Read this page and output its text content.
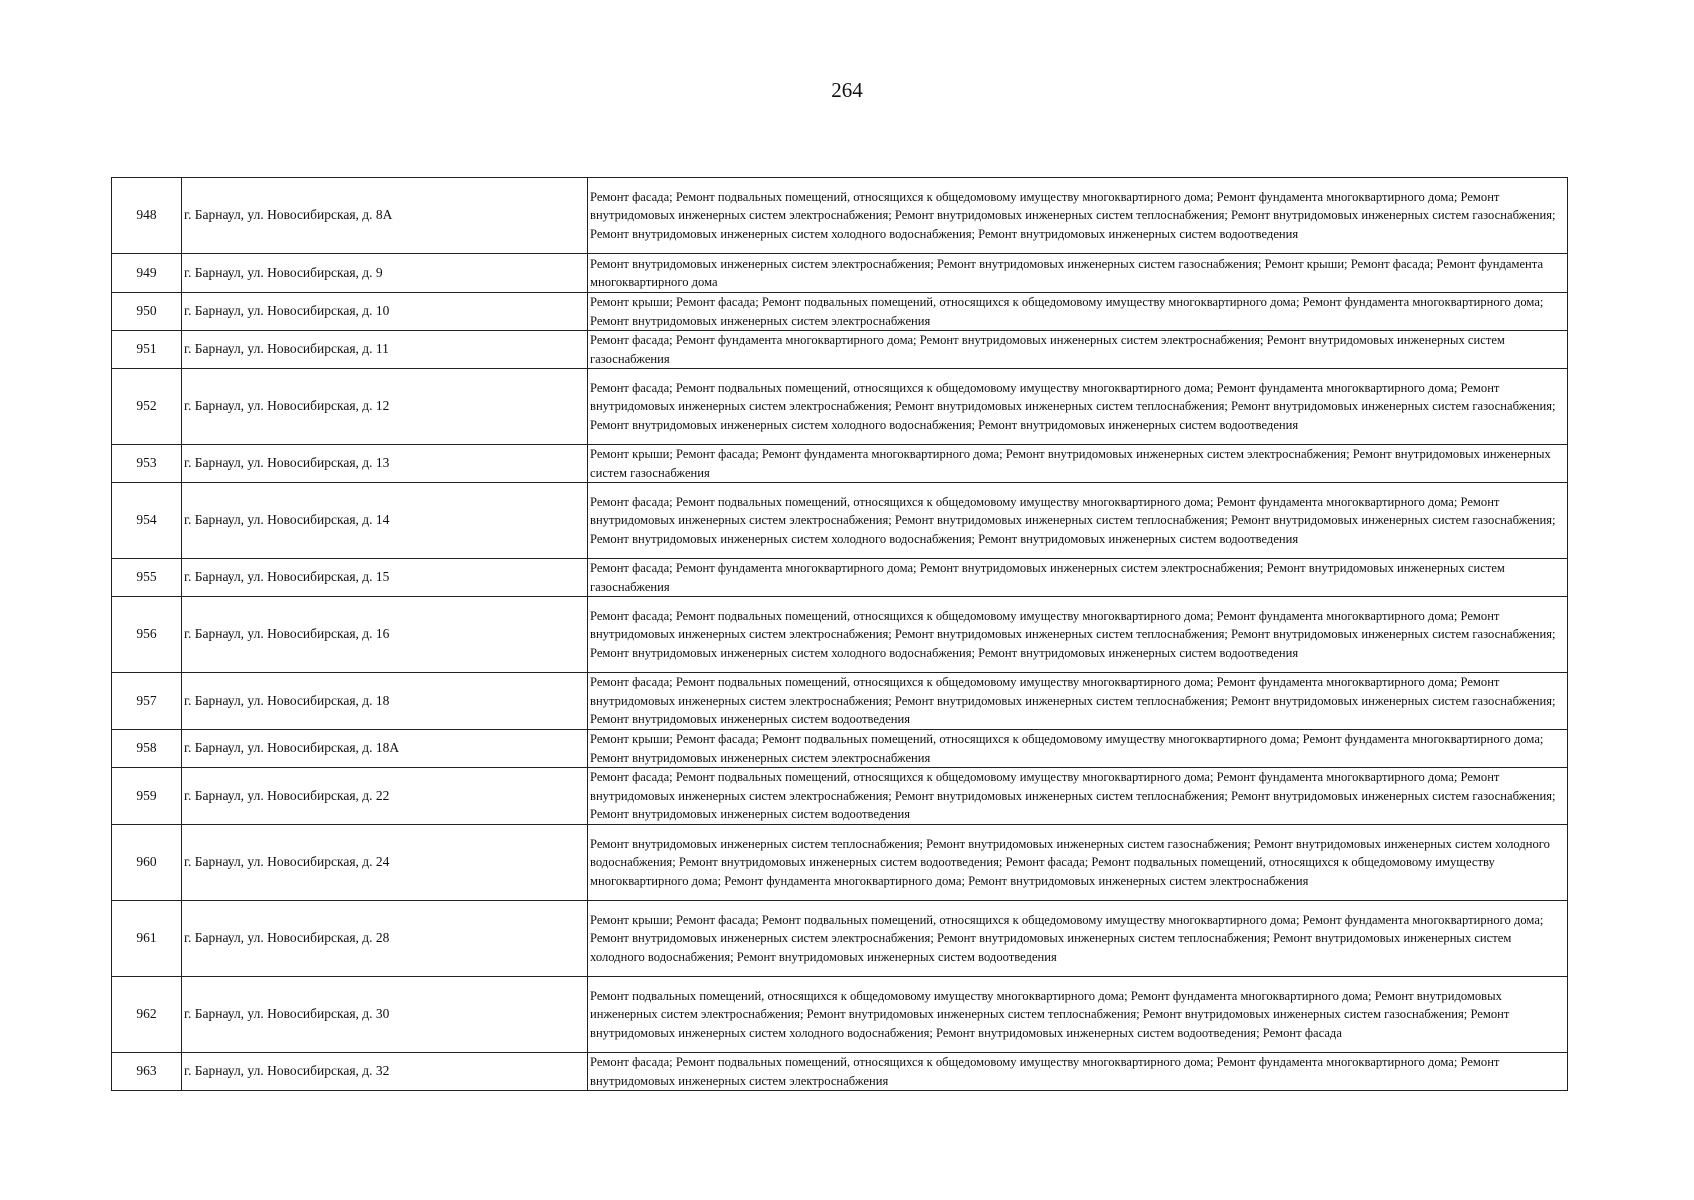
264
948	г. Барнаул, ул. Новосибирская, д. 8А	Ремонт фасада; Ремонт подвальных помещений, относящихся к общедомовому имуществу многоквартирного дома; Ремонт фундамента многоквартирного дома; Ремонт внутридомовых инженерных систем электроснабжения; Ремонт внутридомовых инженерных систем теплоснабжения; Ремонт внутридомовых инженерных систем газоснабжения; Ремонт внутридомовых инженерных систем холодного водоснабжения; Ремонт внутридомовых инженерных систем водоотведения
949	г. Барнаул, ул. Новосибирская, д. 9	Ремонт внутридомовых инженерных систем электроснабжения; Ремонт внутридомовых инженерных систем газоснабжения; Ремонт крыши; Ремонт фасада; Ремонт фундамента многоквартирного дома
950	г. Барнаул, ул. Новосибирская, д. 10	Ремонт крыши; Ремонт фасада; Ремонт подвальных помещений, относящихся к общедомовому имуществу многоквартирного дома; Ремонт фундамента многоквартирного дома; Ремонт внутридомовых инженерных систем электроснабжения
951	г. Барнаул, ул. Новосибирская, д. 11	Ремонт фасада; Ремонт фундамента многоквартирного дома; Ремонт внутридомовых инженерных систем электроснабжения; Ремонт внутридомовых инженерных систем газоснабжения
952	г. Барнаул, ул. Новосибирская, д. 12	Ремонт фасада; Ремонт подвальных помещений, относящихся к общедомовому имуществу многоквартирного дома; Ремонт фундамента многоквартирного дома; Ремонт внутридомовых инженерных систем электроснабжения; Ремонт внутридомовых инженерных систем теплоснабжения; Ремонт внутридомовых инженерных систем газоснабжения; Ремонт внутридомовых инженерных систем холодного водоснабжения; Ремонт внутридомовых инженерных систем водоотведения
953	г. Барнаул, ул. Новосибирская, д. 13	Ремонт крыши; Ремонт фасада; Ремонт фундамента многоквартирного дома; Ремонт внутридомовых инженерных систем электроснабжения; Ремонт внутридомовых инженерных систем газоснабжения
954	г. Барнаул, ул. Новосибирская, д. 14	Ремонт фасада; Ремонт подвальных помещений, относящихся к общедомовому имуществу многоквартирного дома; Ремонт фундамента многоквартирного дома; Ремонт внутридомовых инженерных систем электроснабжения; Ремонт внутридомовых инженерных систем теплоснабжения; Ремонт внутридомовых инженерных систем газоснабжения; Ремонт внутридомовых инженерных систем холодного водоснабжения; Ремонт внутридомовых инженерных систем водоотведения
955	г. Барнаул, ул. Новосибирская, д. 15	Ремонт фасада; Ремонт фундамента многоквартирного дома; Ремонт внутридомовых инженерных систем электроснабжения; Ремонт внутридомовых инженерных систем газоснабжения
956	г. Барнаул, ул. Новосибирская, д. 16	Ремонт фасада; Ремонт подвальных помещений, относящихся к общедомовому имуществу многоквартирного дома; Ремонт фундамента многоквартирного дома; Ремонт внутридомовых инженерных систем электроснабжения; Ремонт внутридомовых инженерных систем теплоснабжения; Ремонт внутридомовых инженерных систем газоснабжения; Ремонт внутридомовых инженерных систем холодного водоснабжения; Ремонт внутридомовых инженерных систем водоотведения
957	г. Барнаул, ул. Новосибирская, д. 18	Ремонт фасада; Ремонт подвальных помещений, относящихся к общедомовому имуществу многоквартирного дома; Ремонт фундамента многоквартирного дома; Ремонт внутридомовых инженерных систем электроснабжения; Ремонт внутридомовых инженерных систем теплоснабжения; Ремонт внутридомовых инженерных систем газоснабжения; Ремонт внутридомовых инженерных систем водоотведения
958	г. Барнаул, ул. Новосибирская, д. 18А	Ремонт крыши; Ремонт фасада; Ремонт подвальных помещений, относящихся к общедомовому имуществу многоквартирного дома; Ремонт фундамента многоквартирного дома; Ремонт внутридомовых инженерных систем электроснабжения
959	г. Барнаул, ул. Новосибирская, д. 22	Ремонт фасада; Ремонт подвальных помещений, относящихся к общедомовому имуществу многоквартирного дома; Ремонт фундамента многоквартирного дома; Ремонт внутридомовых инженерных систем электроснабжения; Ремонт внутридомовых инженерных систем теплоснабжения; Ремонт внутридомовых инженерных систем газоснабжения; Ремонт внутридомовых инженерных систем водоотведения
960	г. Барнаул, ул. Новосибирская, д. 24	Ремонт внутридомовых инженерных систем теплоснабжения; Ремонт внутридомовых инженерных систем газоснабжения; Ремонт внутридомовых инженерных систем холодного водоснабжения; Ремонт внутридомовых инженерных систем водоотведения; Ремонт фасада; Ремонт подвальных помещений, относящихся к общедомовому имуществу многоквартирного дома; Ремонт фундамента многоквартирного дома; Ремонт внутридомовых инженерных систем электроснабжения
961	г. Барнаул, ул. Новосибирская, д. 28	Ремонт крыши; Ремонт фасада; Ремонт подвальных помещений, относящихся к общедомовому имуществу многоквартирного дома; Ремонт фундамента многоквартирного дома; Ремонт внутридомовых инженерных систем электроснабжения; Ремонт внутридомовых инженерных систем теплоснабжения; Ремонт внутридомовых инженерных систем холодного водоснабжения; Ремонт внутридомовых инженерных систем водоотведения
962	г. Барнаул, ул. Новосибирская, д. 30	Ремонт подвальных помещений, относящихся к общедомовому имуществу многоквартирного дома; Ремонт фундамента многоквартирного дома; Ремонт внутридомовых инженерных систем электроснабжения; Ремонт внутридомовых инженерных систем теплоснабжения; Ремонт внутридомовых инженерных систем газоснабжения; Ремонт внутридомовых инженерных систем холодного водоснабжения; Ремонт внутридомовых инженерных систем водоотведения; Ремонт фасада
963	г. Барнаул, ул. Новосибирская, д. 32	Ремонт фасада; Ремонт подвальных помещений, относящихся к общедомовому имуществу многоквартирного дома; Ремонт фундамента многоквартирного дома; Ремонт внутридомовых инженерных систем электроснабжения
